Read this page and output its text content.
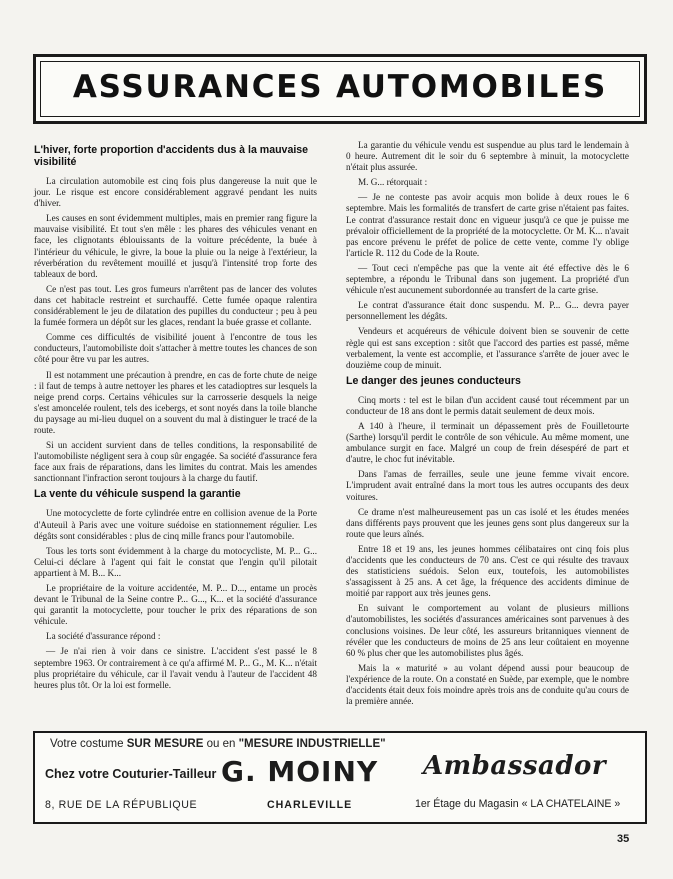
ASSURANCES AUTOMOBILES
L'hiver, forte proportion d'accidents dus à la mauvaise visibilité

La circulation automobile est cinq fois plus dangereuse la nuit que le jour. Le risque est encore considérablement aggravé pendant les nuits d'hiver.

Les causes en sont évidemment multiples, mais en premier rang figure la mauvaise visibilité. Et tout s'en mêle : les phares des véhicules venant en face, les clignotants éblouissants de la voiture précédente, la buée à l'intérieur du véhicule, le givre, la boue la pluie ou la neige à l'extérieur, la réverbération du revêtement mouillé et jusqu'à l'intensité trop forte des tableaux de bord.

Ce n'est pas tout. Les gros fumeurs n'arrêtent pas de lancer des volutes dans cet habitacle restreint et surchauffé. Cette fumée opaque ralentira considérablement le jeu de dilatation des pupilles du conducteur ; peu à peu la fumée formera un dépôt sur les glaces, rendant la buée grasse et collante.

Comme ces difficultés de visibilité jouent à l'encontre de tous les conducteurs, l'automobiliste doit s'attacher à mettre toutes les chances de son côté pour être vu par les autres.

Il est notamment une précaution à prendre, en cas de forte chute de neige : il faut de temps à autre nettoyer les phares et les catadioptres sur lesquels la neige prend corps. Certains véhicules sur la carrosserie desquels la neige s'est amoncelée roulent, tels des icebergs, et sont noyés dans la toile blanche du paysage au mi-lieu duquel on a souvent du mal à distinguer le tracé de la route.

Si un accident survient dans de telles conditions, la responsabilité de l'automobiliste négligent sera à coup sûr engagée. Sa société d'assurance fera face aux frais de réparations, dans les limites du contrat. Mais les amendes sanctionnant l'infraction seront toujours à la charge du fautif.

La vente du véhicule suspend la garantie

Une motocyclette de forte cylindrée entre en collision avenue de la Porte d'Auteuil à Paris avec une voiture suédoise en stationnement régulier. Les dégâts sont considérables : plus de cinq mille francs pour l'automobile.

Tous les torts sont évidemment à la charge du motocycliste, M. P... G... Celui-ci déclare à l'agent qui fait le constat que l'engin qu'il pilotait appartient à M. B... K...

Le propriétaire de la voiture accidentée, M. P... D..., entame un procès devant le Tribunal de la Seine contre P... G..., K... et la société d'assurance qui garantit la motocyclette, pour toucher le prix des réparations de son véhicule.

La société d'assurance répond :

— Je n'ai rien à voir dans ce sinistre. L'accident s'est passé le 8 septembre 1963. Or contrairement à ce qu'a affirmé M. P... G., M. K... n'était plus propriétaire du véhicule, car il l'avait vendu à l'auteur de l'accident 48 heures plus tôt. Or la loi est formelle.

La garantie du véhicule vendu est suspendue au plus tard le lendemain à 0 heure. Autrement dit le soir du 6 septembre à minuit, la motocyclette n'était plus assurée.

M. G... rétorquait :

— Je ne conteste pas avoir acquis mon bolide à deux roues le 6 septembre. Mais les formalités de transfert de carte grise n'étaient pas faites. Le contrat d'assurance restait donc en vigueur jusqu'à ce que je puisse me prévaloir officiellement de la propriété de la motocyclette. Or M. K... n'avait pas encore prévenu le préfet de police de cette vente, comme l'y oblige l'article R. 112 du Code de la Route.

— Tout ceci n'empêche pas que la vente ait été effective dès le 6 septembre, a répondu le Tribunal dans son jugement. La propriété d'un véhicule n'est aucunement subordonnée au transfert de la carte grise.

Le contrat d'assurance était donc suspendu. M. P... G... devra payer personnellement les dégâts.

Vendeurs et acquéreurs de véhicule doivent bien se souvenir de cette règle qui est sans exception : sitôt que l'accord des parties est passé, même verbalement, la vente est accomplie, et l'assurance s'arrête de jouer avec le douzième coup de minuit.

Le danger des jeunes conducteurs

Cinq morts : tel est le bilan d'un accident causé tout récemment par un conducteur de 18 ans dont le permis datait seulement de deux mois.

A 140 à l'heure, il terminait un dépassement près de Fouilletourte (Sarthe) lorsqu'il perdit le contrôle de son véhicule. Au même moment, une ambulance surgit en face. Malgré un coup de frein désespéré de part et d'autre, le choc fut inévitable.

Dans l'amas de ferrailles, seule une jeune femme vivait encore. L'imprudent avait entraîné dans la mort tous les autres occupants des deux voitures.

Ce drame n'est malheureusement pas un cas isolé et les études menées dans différents pays prouvent que les jeunes gens sont plus dangereux sur la route que leurs aînés.

Entre 18 et 19 ans, les jeunes hommes célibataires ont cinq fois plus d'accidents que les conducteurs de 70 ans. C'est ce qui résulte des travaux des statisticiens suédois. Selon eux, toutefois, les automobilistes s'assagissent à 25 ans. A cet âge, la fréquence des accidents diminue de moitié par rapport aux très jeunes gens.

En suivant le comportement au volant de plusieurs millions d'automobilistes, les sociétés d'assurances américaines sont parvenues à des conclusions voisines. De leur côté, les assureurs britanniques viennent de révéler que les conducteurs de moins de 25 ans leur coûtaient en moyenne 60 % plus cher que les automobilistes plus âgés.

Mais la « maturité » au volant dépend aussi pour beaucoup de l'expérience de la route. On a constaté en Suède, par exemple, que le nombre d'accidents était deux fois moindre après trois ans de conduite qu'au cours de la première année.

Votre costume SUR MESURE ou en "MESURE INDUSTRIELLE"
Chez votre Couturier-Tailleur G. MOINY Ambassador
8, RUE DE LA RÉPUBLIQUE	CHARLEVILLE	1er Étage du Magasin « LA CHATELAINE »
35
